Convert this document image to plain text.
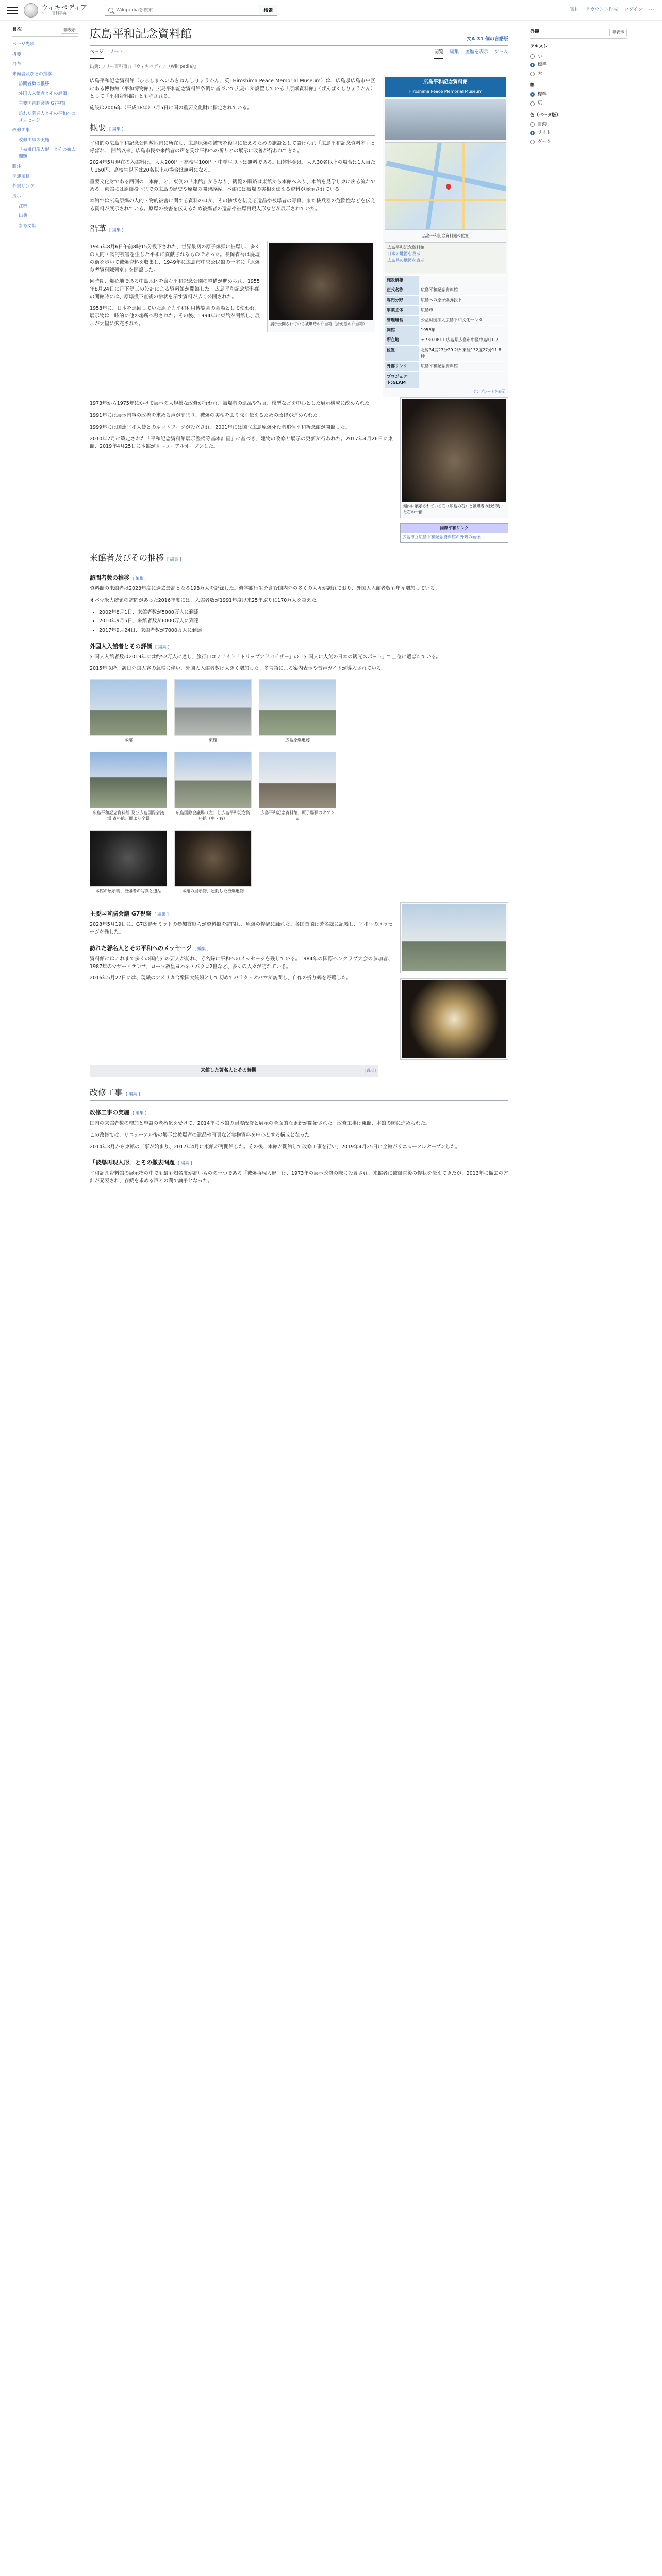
ウィキペディア
フリー百科事典
Wikipediaを検索	検索	寄付 アカウント作成 ログイン ⋯
目次	非表示
ページ先頭
概要
沿革
来館者及びその推移
訪問者数の推移
外国人入館者とその評価
主要国首脳会議 G7視察
訪れた著名人とその平和へのメッセージ
改修工事
改修工事の実施
「被爆再現人形」とその撤去問題
脚注
関連項目
外部リンク
展示
注釈
出典
参考文献
広島平和記念資料館	文A 31 個の言語版
ページ ノート	閲覧 編集 履歴を表示 ツール
出典: フリー百科事典『ウィキペディア（Wikipedia）』

広島平和記念資料館（ひろしまへいわきねんしりょうかん、英: Hiroshima Peace Memorial Museum）は、広島県広島市中区にある博物館（平和博物館）。広島平和記念資料館条例に基づいて広島市が設置している「原爆資料館」（げんばくしりょうかん）として「平和資料館」とも称される。

施設は2006年（平成18年）7月5日に国の重要文化財に指定されている。

概要 [ 編集 ]

平和的の広島平和記念公園敷地内に所在し、広島原爆の被害を後世に伝えるための施設として設けられ「広島平和記念資料室」と呼ばれ、 開館以来、広島市民や来館者の声を受け平和への祈りとの展示に改善が行われてきた。

2024年5月現在の入館料は、大人200円・高校生100円・中学生以下は無料である。団体料金は、大人30名以上の場合は1人当たり160円、高校生以下は20名以上の場合は無料になる。

重要文化財である西側の「本館」と、東側の「東館」からなり、観覧の順路は東館から本館へ入り、本館を見学し東に戻る流れである。東館には原爆投下までの広島の歴史や原爆の開発経緯、本館には被爆の実相を伝える資料が展示されている。

本館では広島原爆の人的・物的被害に関する資料のほか、その惨状を伝える遺品や被爆者の写真、また核兵器の危険性などを伝える資料が展示されている。原爆の被害を伝えるため被爆者の遺品や被爆再現人形などが展示されていた。

沿革 [ 編集 ]

1945年8月6日午前8時15分投下された、世界最初の原子爆弾に被爆し、多くの人的・物的被害を生じた平和に貢献されるものであった。長岡省吾は廃墟の街を歩いて被爆資料を収集し、1949年に広島市中央公民館の一室に「原爆参考資料陳列室」を開設した。

同時期、爆心地である中島地区を含む平和記念公園の整備が進められ、1955年8月24日に丹下健三の設計による資料館が開館した。広島平和記念資料館の開館時には、原爆投下直後の惨状を示す資料が広く公開された。

1958年に、日本を巡回していた原子力平和利用博覧会の会場として使われ、展示物は一時的に他の場所へ移された。その後、1994年に東館が開館し、展示が大幅に拡充された。	展示公開されている被爆時の弁当箱（折免滋の弁当箱）
広島平和記念資料館
Hiroshima Peace Memorial Museum
広島平和記念資料館の位置
広島平和記念資料館
日本の地図を表示
広島県の地図を表示
施設情報	
正式名称	広島平和記念資料館
専門分野	広島への原子爆弾投下
事業主体	広島市
管理運営	公益財団法人広島平和文化センター
開館	1955年
所在地	〒730-0811 広島県広島市中区中島町1-2
位置	北緯34度23分29.2秒 東経132度27分11.8秒
外部リンク	広島平和記念資料館
プロジェクト:GLAM	
テンプレートを表示

1973年から1975年にかけて展示の大規模な改修が行われ、被爆者の遺品や写真、模型などを中心とした展示構成に改められた。

1991年には展示内容の改善を求める声が高まり、被爆の実相をより深く伝えるための改修が進められた。

1999年には国連平和大使とのネットワークが設立され、2001年には国立広島原爆死没者追悼平和祈念館が開館した。

2010年7月に策定された「平和記念資料館展示整備等基本計画」に基づき、建物の改修と展示の更新が行われた。2017年4月26日に東館、2019年4月25日に本館がリニューアルオープンした。

館内に展示されている石（広島の石）と被爆者の影が残った石の一部
国際平和リンク
広島市立広島平和記念資料館の外観の画像
来館者及びその推移 [ 編集 ]
訪問者数の推移 [ 編集 ]

資料館の来館者は2023年度に過去最高となる198万人を記録した。修学旅行生を含む国内外の多くの人々が訪れており、外国人入館者数も年々増加している。

オバマ米大統領の訪問があった2016年度には、入館者数が1991年度以来25年ぶりに170万人を超えた。

• 2002年8月1日、来館者数が5000万人に到達
• 2010年9月5日、来館者数が6000万人に到達
• 2017年9月24日、来館者数が7000万人に到達
外国人入館者とその評価 [ 編集 ]

外国人入館者数は2019年には約52万人に達し、旅行口コミサイト「トリップアドバイザー」の「外国人に人気の日本の観光スポット」で上位に選ばれている。

2015年以降、訪日外国人客の急増に伴い、外国人入館者数は大きく増加した。多言語による案内表示や音声ガイドが導入されている。

本館	東館	広島原爆遺跡
広島平和記念資料館 及び広島国際会議場 資料館正面より全景
広島国際会議場（左）と広島平和記念資料館（中・右）
広島平和記念資料館、原子爆弾のオブジェ
本館の展示物、被爆者の写真と遺品	本館の展示物、冠動した被爆遺物
主要国首脳会議 G7視察 [ 編集 ]

2023年5月19日に、G7広島サミットの参加首脳らが資料館を訪問し、原爆の惨禍に触れた。各国首脳は芳名録に記帳し、平和へのメッセージを残した。

訪れた著名人とその平和へのメッセージ [ 編集 ]

資料館にはこれまで多くの国内外の要人が訪れ、芳名録に平和へのメッセージを残している。1984年の国際ペンクラブ大会の参加者、1987年のマザー・テレサ、ローマ教皇ヨハネ・パウロ2世など、多くの人々が訪れている。

2016年5月27日には、現職のアメリカ合衆国大統領として初めてバラク・オバマが訪問し、自作の折り鶴を寄贈した。

来館した著名人とその時期	[表示]
改修工事 [ 編集 ]
改修工事の実施 [ 編集 ]

国内の来館者数の増加と施設の老朽化を受けて、2014年に本館の耐震改修と展示の全面的な更新が開始された。改修工事は東館、本館の順に進められた。

この改修では、リニューアル後の展示は被爆者の遺品や写真など実物資料を中心とする構成となった。

2014年3月から東館の工事が始まり、2017年4月に東館が再開館した。その後、本館が閉館して改修工事を行い、2019年4月25日に全館がリニューアルオープンした。

「被爆再現人形」とその撤去問題 [ 編集 ]

平和記念資料館の展示物の中でも最も知名度が高いものの一つである「被爆再現人形」は、1973年の展示改修の際に設置され、来館者に被爆直後の惨状を伝えてきたが、2013年に撤去の方針が発表され、存続を求める声との間で論争となった。

外観	非表示
テキスト
小
標準
大
幅
標準
広
色（ベータ版）
自動
ライト
ダーク
